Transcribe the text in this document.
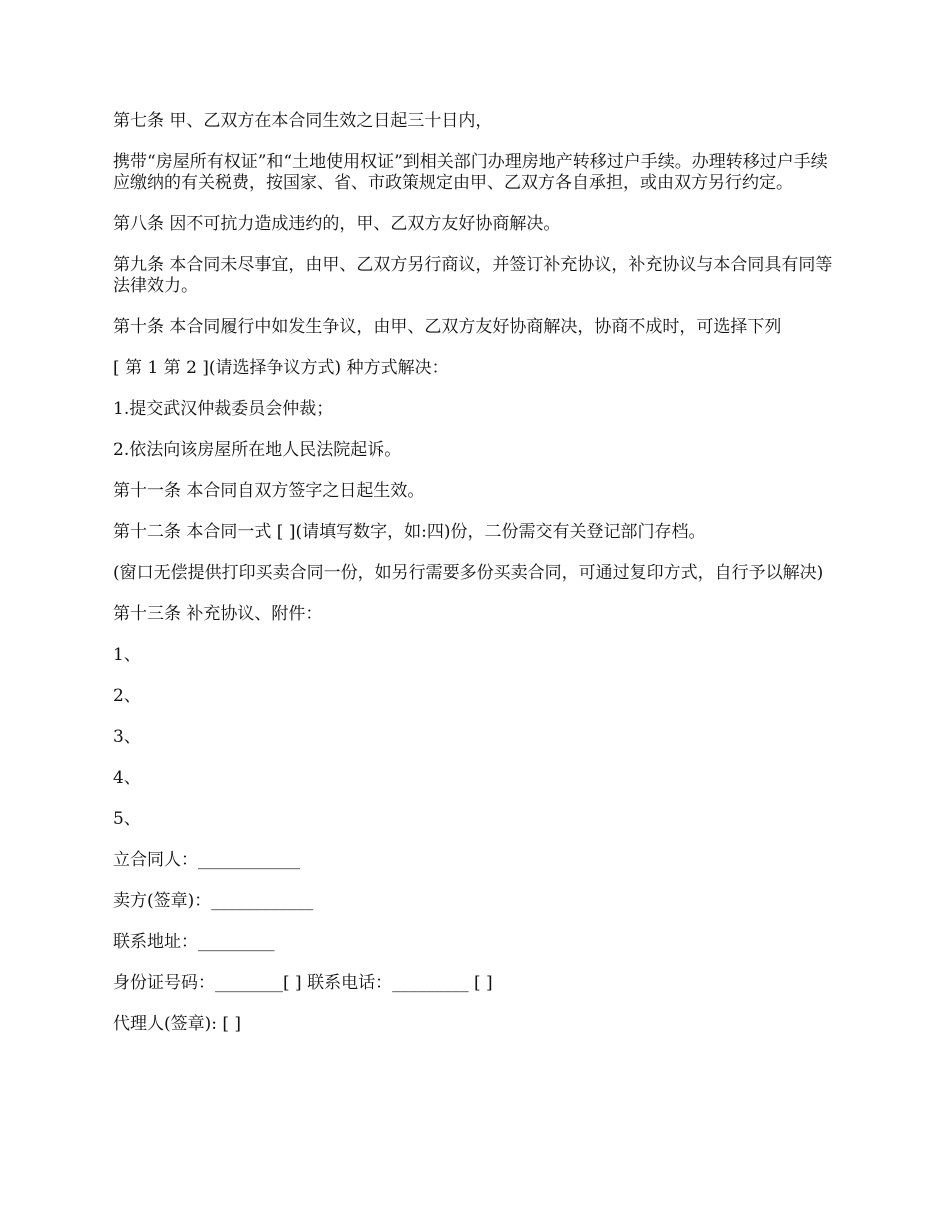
第七条 甲、乙双方在本合同生效之日起三十日内，

携带“房屋所有权证”和“土地使用权证”到相关部门办理房地产转移过户手续。办理转移过户手续应缴纳的有关税费，按国家、省、市政策规定由甲、乙双方各自承担，或由双方另行约定。

第八条 因不可抗力造成违约的，甲、乙双方友好协商解决。

第九条 本合同未尽事宜，由甲、乙双方另行商议，并签订补充协议，补充协议与本合同具有同等法律效力。

第十条 本合同履行中如发生争议，由甲、乙双方友好协商解决，协商不成时，可选择下列

[ 第 1 第 2 ](请选择争议方式) 种方式解决：

1.提交武汉仲裁委员会仲裁；

2.依法向该房屋所在地人民法院起诉。

第十一条 本合同自双方签字之日起生效。

第十二条 本合同一式 [ ](请填写数字，如:四)份，二份需交有关登记部门存档。

(窗口无偿提供打印买卖合同一份，如另行需要多份买卖合同，可通过复印方式，自行予以解决)

第十三条 补充协议、附件：

1、

2、

3、

4、

5、

立合同人：____________

卖方(签章)：____________

联系地址：_________

身份证号码：________[ ] 联系电话：_________ [ ]

代理人(签章): [ ]
